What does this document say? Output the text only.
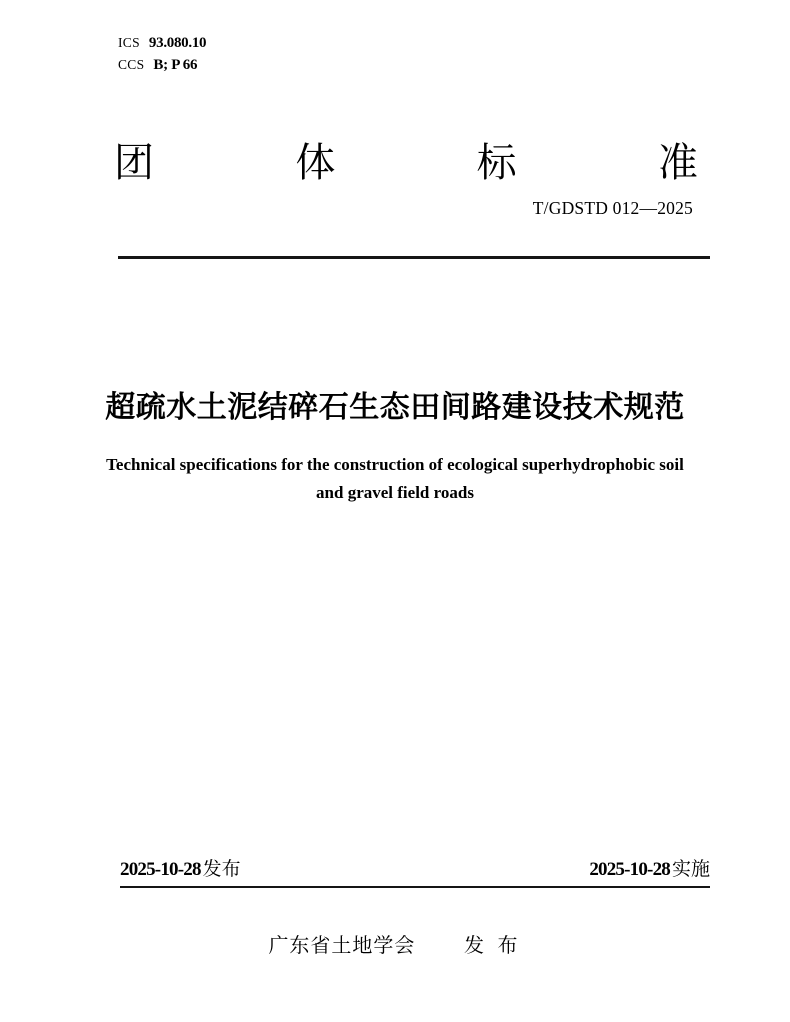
ICS 93.080.10
CCS B; P 66
团	体	标	准
T/GDSTD 012—2025
超疏水土泥结碎石生态田间路建设技术规范
Technical specifications for the construction of ecological superhydrophobic soil
and gravel field roads
2025-10-28 发布	2025-10-28 实施
广东省土地学会 发 布
